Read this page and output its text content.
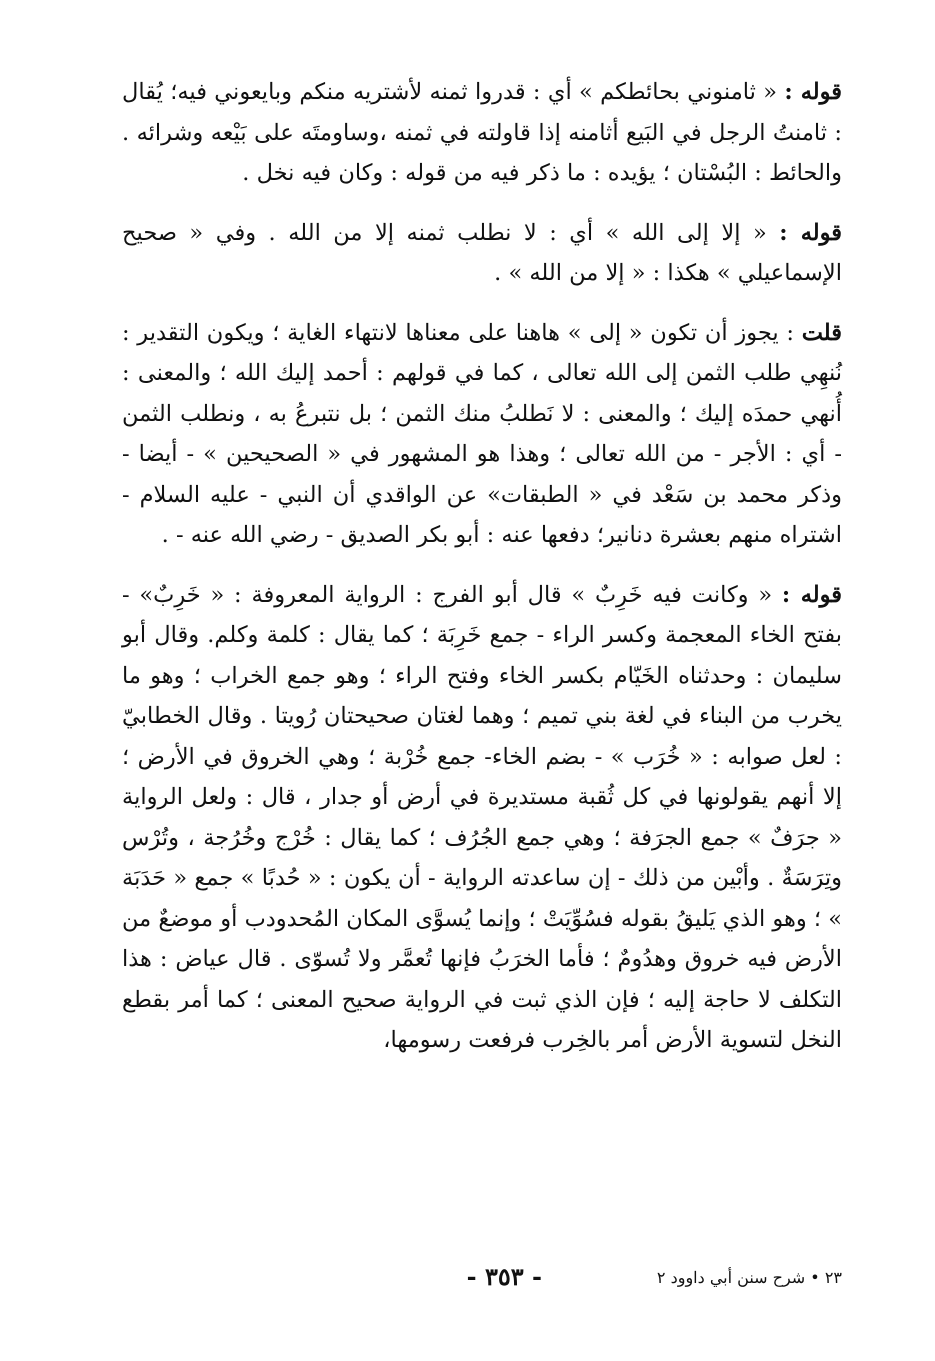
قوله : « ثامنوني بحائطكم » أي : قدروا ثمنه لأشتريه منكم وبايعوني فيه؛ يُقال : ثامنتُ الرجل في البَيع أثامنه إذا قاولته في ثمنه ،وساومتَه على بَيْعه وشرائه . والحائط : البُسْتان ؛ يؤيده : ما ذكر فيه من قوله : وكان فيه نخل .

قوله : « إلا إلى الله » أي : لا نطلب ثمنه إلا من الله . وفي « صحيح الإسماعيلي » هكذا : « إلا من الله » .

قلت : يجوز أن تكون « إلى » هاهنا على معناها لانتهاء الغاية ؛ ويكون التقدير : نُنهِي طلب الثمن إلى الله تعالى ، كما في قولهم : أحمد إليك الله ؛ والمعنى : أُنهي حمدَه إليك ؛ والمعنى : لا نَطلبُ منك الثمن ؛ بل نتبرعُ به ، ونطلب الثمن - أي : الأجر - من الله تعالى ؛ وهذا هو المشهور في « الصحيحين » - أيضا - وذكر محمد بن سَعْد في « الطبقات» عن الواقدي أن النبي - عليه السلام - اشتراه منهم بعشرة دنانير؛ دفعها عنه : أبو بكر الصديق - رضي الله عنه - .

قوله : « وكانت فيه خَرِبٌ » قال أبو الفرج : الرواية المعروفة : « خَرِبٌ» - بفتح الخاء المعجمة وكسر الراء - جمع خَرِبَة ؛ كما يقال : كلمة وكلم. وقال أبو سليمان : وحدثناه الخَيّام بكسر الخاء وفتح الراء ؛ وهو جمع الخراب ؛ وهو ما يخرب من البناء في لغة بني تميم ؛ وهما لغتان صحيحتان رُويتا . وقال الخطابيّ : لعل صوابه : « خُرَب » - بضم الخاء- جمع خُرْبة ؛ وهي الخروق في الأرض ؛ إلا أنهم يقولونها في كل ثُقبة مستديرة في أرض أو جدار ، قال : ولعل الرواية « جرَفٌ » جمع الجرَفة ؛ وهي جمع الجُرُف ؛ كما يقال : خُرْج وخُرُجة ، وتُرْس وتِرَسَةٌ . وأبْين من ذلك - إن ساعدته الرواية - أن يكون : « حُدبًا » جمع « حَدَبَة » ؛ وهو الذي يَليقُ بقوله فسُوِّيَتْ ؛ وإنما يُسوَّى المكان المُحدودب أو موضعٌ من الأرض فيه خروق وهدُومٌ ؛ فأما الخرَبُ فإنها تُعمَّر ولا تُسوّى . قال عياض : هذا التكلف لا حاجة إليه ؛ فإن الذي ثبت في الرواية صحيح المعنى ؛ كما أمر بقطع النخل لتسوية الأرض أمر بالخِرب فرفعت رسومها،

٢٣ • شرح سنن أبي داوود ٢
- ٣٥٣ -
